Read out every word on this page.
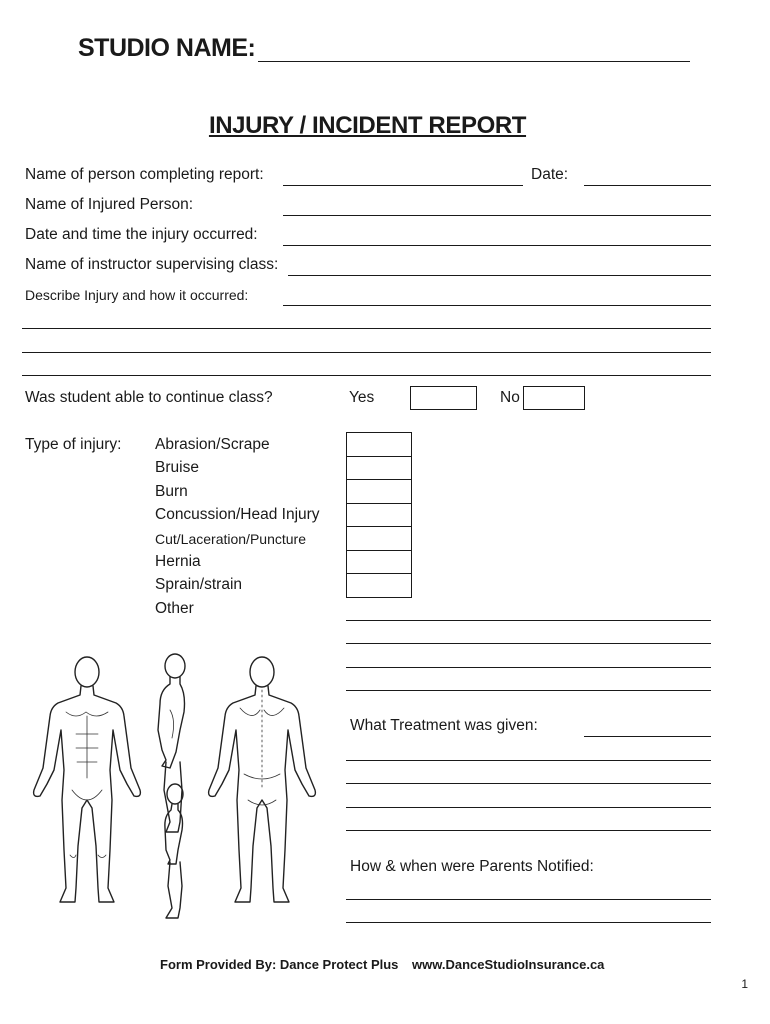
STUDIO NAME:
INJURY / INCIDENT REPORT
Name of person completing report:	Date:
Name of Injured Person:
Date and time the injury occurred:
Name of instructor supervising class:
Describe Injury and how it occurred:
Was student able to continue class?	Yes	No
Type of injury: Abrasion/Scrape
Bruise
Burn
Concussion/Head Injury
Cut/Laceration/Puncture
Hernia
Sprain/strain
Other
What Treatment was given:
How & when were Parents Notified:
Form Provided By: Dance Protect Plus www.DanceStudioInsurance.ca
1
